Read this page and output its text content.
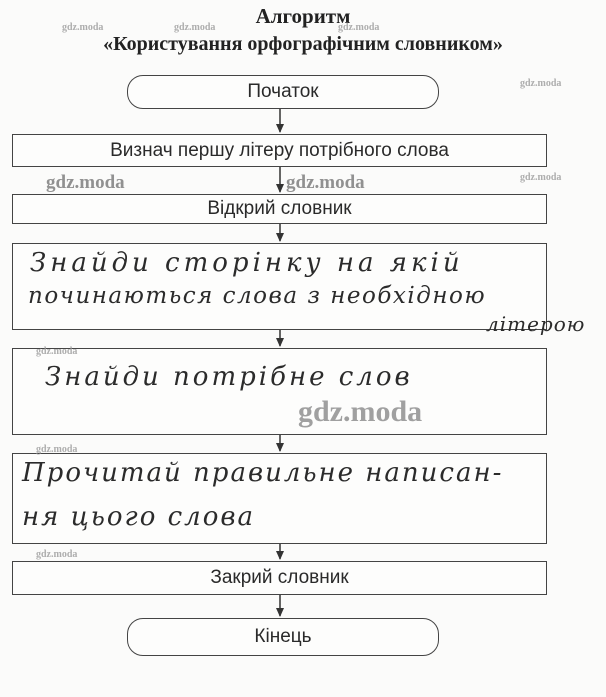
Алгоритм
«Користування орфографічним словником»
Початок
Визнач першу літеру потрібного слова
Відкрий словник
Знайди сторінку на якій
починаються слова з необхідною
літерою
Знайди потрібне слов
Прочитай правильне написан-
ня цього слова
Закрий словник
Кінець
gdz.moda	gdz.moda	gdz.moda
gdz.moda
gdz.moda
gdz.moda	gdz.moda
gdz.moda
gdz.moda
gdz.moda
gdz.moda
